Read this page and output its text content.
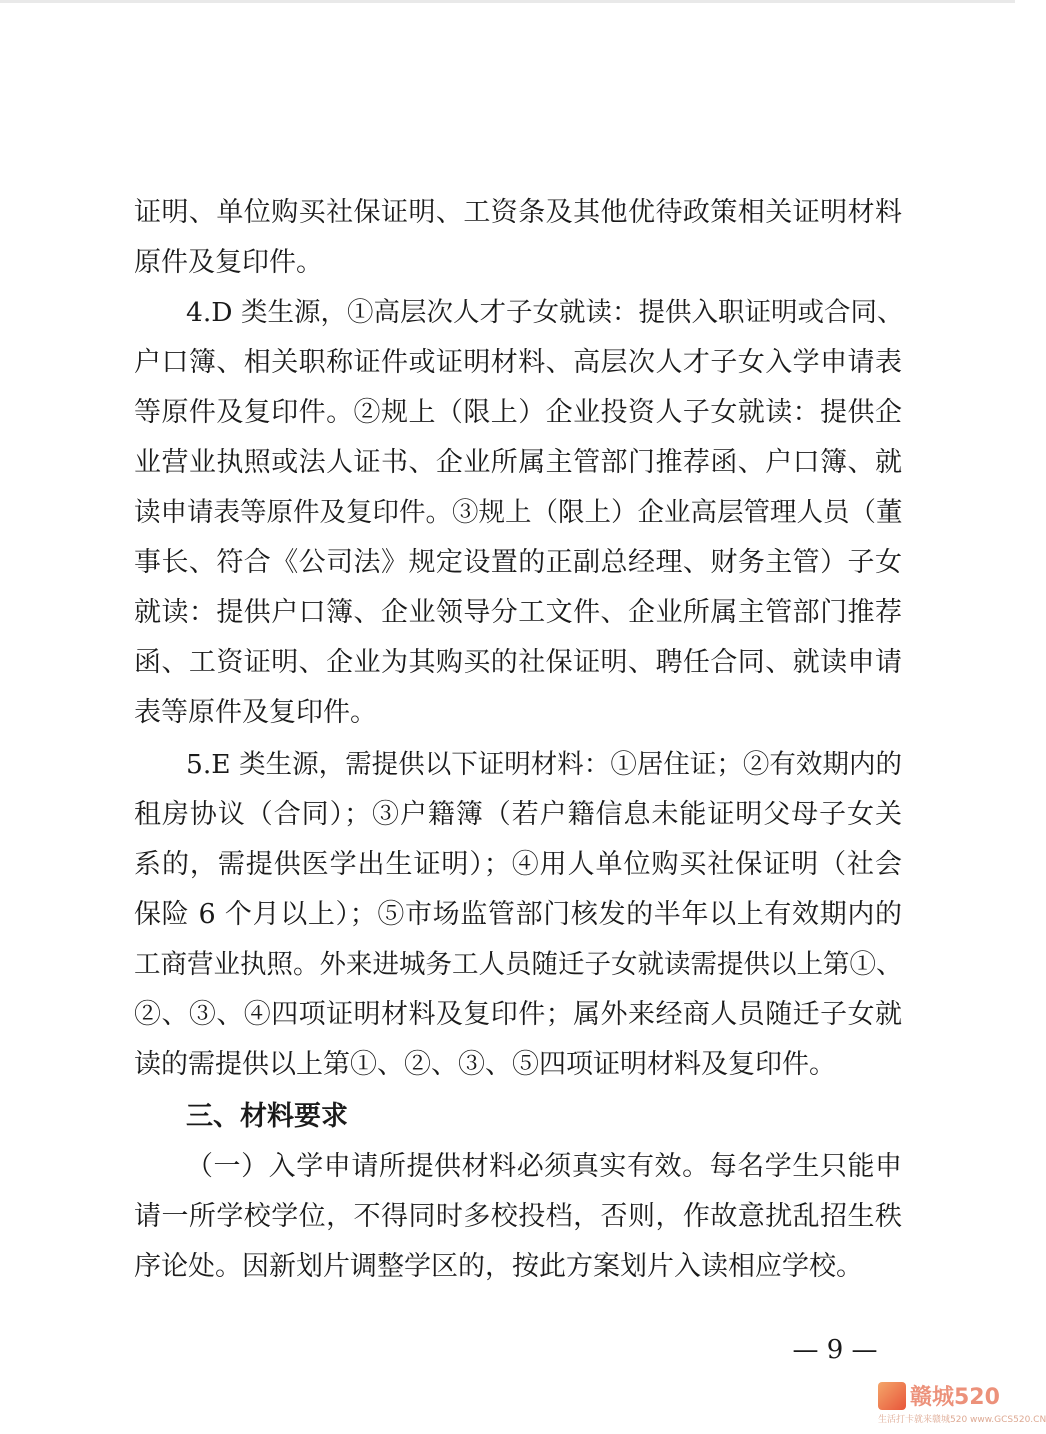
证明、单位购买社保证明、工资条及其他优待政策相关证明材料
原件及复印件。
4.D 类生源，①高层次人才子女就读：提供入职证明或合同、
户口簿、相关职称证件或证明材料、高层次人才子女入学申请表
等原件及复印件。②规上（限上）企业投资人子女就读：提供企
业营业执照或法人证书、企业所属主管部门推荐函、户口簿、就
读申请表等原件及复印件。③规上（限上）企业高层管理人员（董
事长、符合《公司法》规定设置的正副总经理、财务主管）子女
就读：提供户口簿、企业领导分工文件、企业所属主管部门推荐
函、工资证明、企业为其购买的社保证明、聘任合同、就读申请
表等原件及复印件。
5.E 类生源，需提供以下证明材料：①居住证；②有效期内的
租房协议（合同）；③户籍簿（若户籍信息未能证明父母子女关
系的，需提供医学出生证明）；④用人单位购买社保证明（社会
保险 6 个月以上）；⑤市场监管部门核发的半年以上有效期内的
工商营业执照。外来进城务工人员随迁子女就读需提供以上第①、
②、③、④四项证明材料及复印件；属外来经商人员随迁子女就
读的需提供以上第①、②、③、⑤四项证明材料及复印件。
三、材料要求
（一）入学申请所提供材料必须真实有效。每名学生只能申
请一所学校学位，不得同时多校投档，否则，作故意扰乱招生秩
序论处。因新划片调整学区的，按此方案划片入读相应学校。
— 9 —
赣城520
生活打卡就来赣城520 www.GCS520.CN
